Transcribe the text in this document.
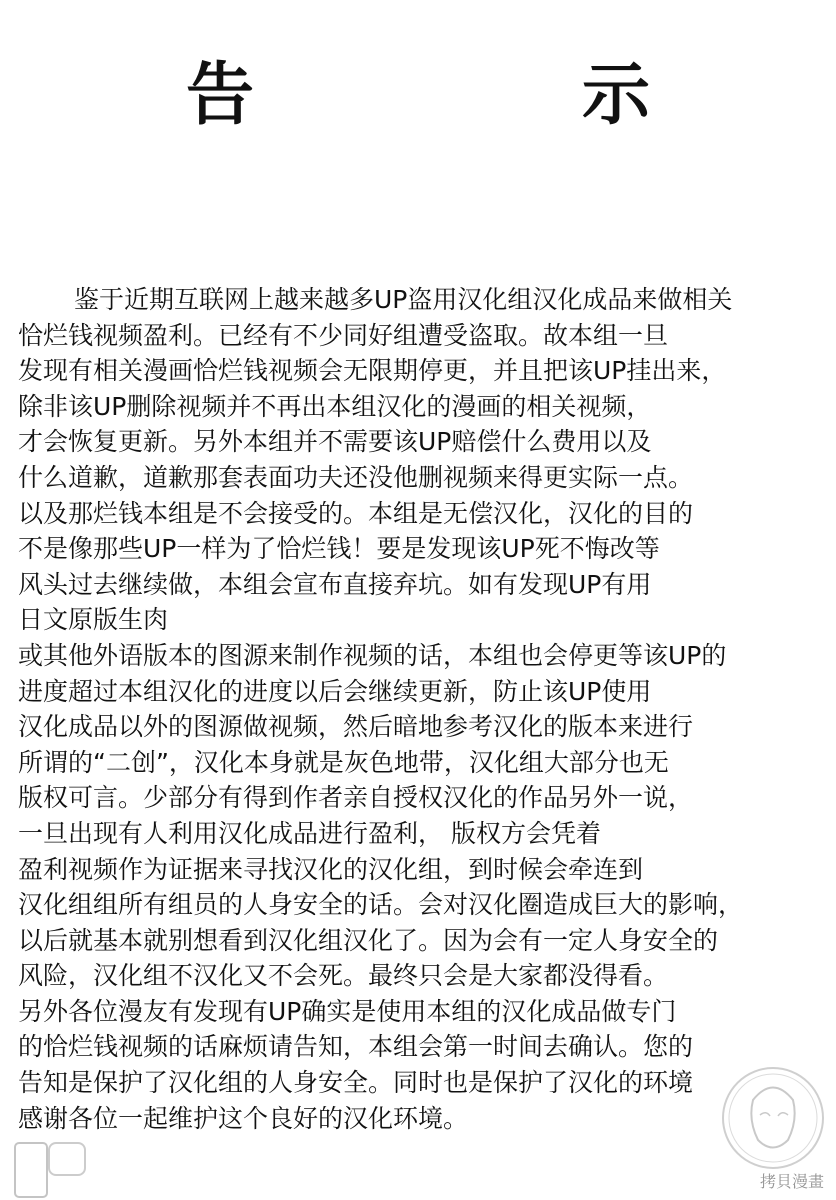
告　示
鉴于近期互联网上越来越多UP盗用汉化组汉化成品来做相关
恰烂钱视频盈利。已经有不少同好组遭受盗取。故本组一旦
发现有相关漫画恰烂钱视频会无限期停更，并且把该UP挂出来，
除非该UP删除视频并不再出本组汉化的漫画的相关视频，
才会恢复更新。另外本组并不需要该UP赔偿什么费用以及
什么道歉，道歉那套表面功夫还没他删视频来得更实际一点。
以及那烂钱本组是不会接受的。本组是无偿汉化，汉化的目的
不是像那些UP一样为了恰烂钱！要是发现该UP死不悔改等
风头过去继续做，本组会宣布直接弃坑。如有发现UP有用
日文原版生肉
或其他外语版本的图源来制作视频的话，本组也会停更等该UP的
进度超过本组汉化的进度以后会继续更新，防止该UP使用
汉化成品以外的图源做视频，然后暗地参考汉化的版本来进行
所谓的“二创”，汉化本身就是灰色地带，汉化组大部分也无
版权可言。少部分有得到作者亲自授权汉化的作品另外一说，
一旦出现有人利用汉化成品进行盈利， 版权方会凭着
盈利视频作为证据来寻找汉化的汉化组，到时候会牵连到
汉化组组所有组员的人身安全的话。会对汉化圈造成巨大的影响，
以后就基本就别想看到汉化组汉化了。因为会有一定人身安全的
风险，汉化组不汉化又不会死。最终只会是大家都没得看。
另外各位漫友有发现有UP确实是使用本组的汉化成品做专门
的恰烂钱视频的话麻烦请告知，本组会第一时间去确认。您的
告知是保护了汉化组的人身安全。同时也是保护了汉化的环境
感谢各位一起维护这个良好的汉化环境。
拷貝漫畫
